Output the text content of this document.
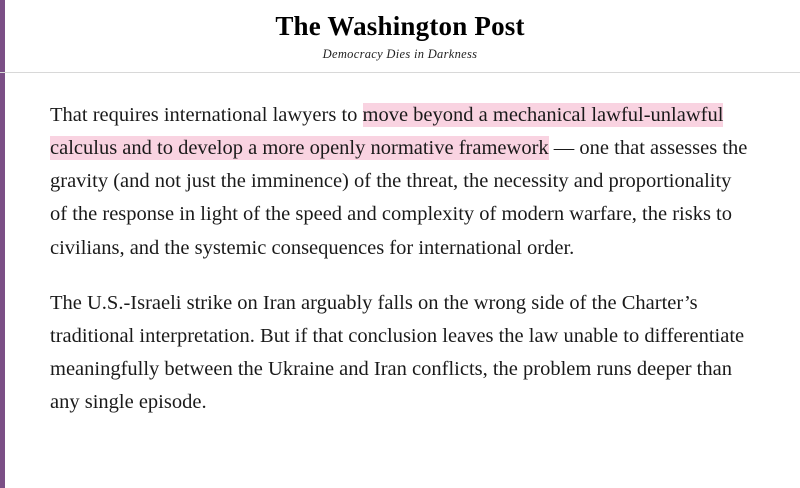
The Washington Post
Democracy Dies in Darkness

That requires international lawyers to move beyond a mechanical lawful-unlawful calculus and to develop a more openly normative framework — one that assesses the gravity (and not just the imminence) of the threat, the necessity and proportionality of the response in light of the speed and complexity of modern warfare, the risks to civilians, and the systemic consequences for international order.

The U.S.-Israeli strike on Iran arguably falls on the wrong side of the Charter’s traditional interpretation. But if that conclusion leaves the law unable to differentiate meaningfully between the Ukraine and Iran conflicts, the problem runs deeper than any single episode.
